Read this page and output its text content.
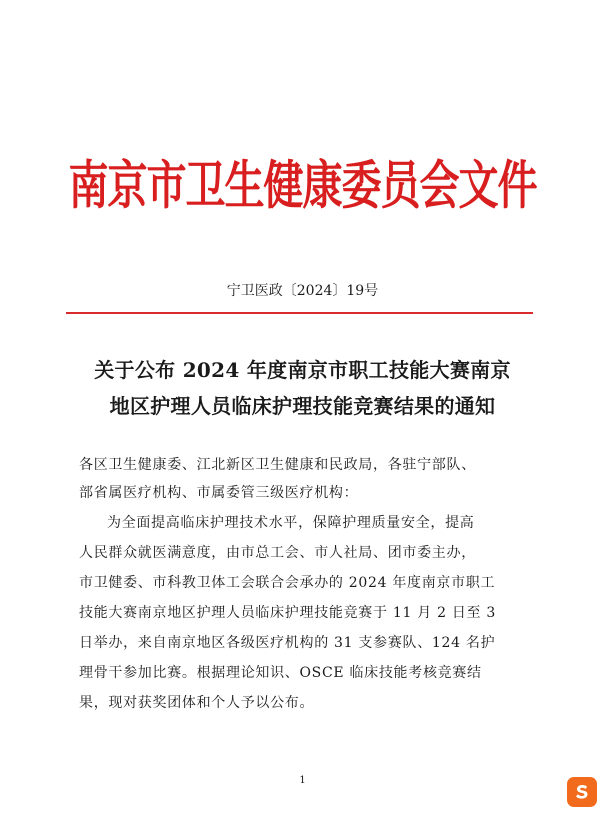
南京市卫生健康委员会文件
宁卫医政〔2024〕19号
关于公布 2024 年度南京市职工技能大赛南京
地区护理人员临床护理技能竞赛结果的通知
各区卫生健康委、江北新区卫生健康和民政局，各驻宁部队、
部省属医疗机构、市属委管三级医疗机构：
为全面提高临床护理技术水平，保障护理质量安全，提高
人民群众就医满意度，由市总工会、市人社局、团市委主办，
市卫健委、市科教卫体工会联合会承办的 2024 年度南京市职工
技能大赛南京地区护理人员临床护理技能竞赛于 11 月 2 日至 3
日举办，来自南京地区各级医疗机构的 31 支参赛队、124 名护
理骨干参加比赛。根据理论知识、OSCE 临床技能考核竞赛结
果，现对获奖团体和个人予以公布。
1
